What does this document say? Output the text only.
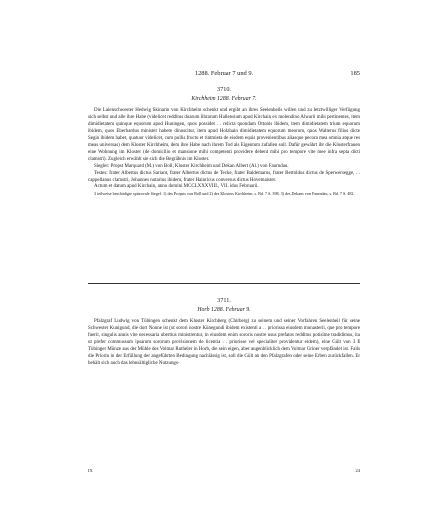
1288. Februar 7 und 9.	185
3710.
Kirchheim 1288. Februar 7.

Die Laienschwester Hedwig Skinarin von Kirchheim schenkt und ergibt an ihres Seelenheils willen und zu letztwilliger Verfügung sich selbst und alle ihre Habe (videlicet redditus duarum librarum Hallensium apud Kirchain ex molendino Alwarii mihi pertinentes, item dimidietatem quinque equorum apud Huningen, quos possidet . . relicta quondam Ottonis ibidem, item dimidietatem trium equorum ibidem, quos Eberhardus minister habere dinoscitur, item apud Holzhain dimidietatem equorum meorum, quos Walterus filius dicte Segin ibidem habet, quatuor videlicet, cum pullis fructu et rintmieta de eisdem equis provenientibus aliasque pecora mea omnia atque res meas universas) dem Kloster Kirchheim, dem ihre Habe nach ihrem Tod als Eigentum zufallen soll. Dafür gewährt ihr die Klosterfrauen eine Wohnung im Kloster (de domicilio et mansione mihi competenti providere debent mihi pro tempore vite mee infra septa dicti clamstri). Zugleich erwählt sie sich die Begräbnis im Kloster.

Siegler: Propst Marquard (M.) von Boll, Kloster Kirchheim und Dekan Albert (Al.) von Faurndau.

Testes: frater Albertus dictus Sariant, frater Albertus dictus de Tecke, frater Baldemarus, frater Bertoldus dictus de Sperwersegge, . . cappellanus clamstri, Johannes notarius ibidem, frater Hainricus conversus dictus Hovemaister.

Actum et datum apud Kirchain, anno domini MCCLXXXVIII., VII. idus Februarii.

3 teilweise beschädigte spitzovale Siegel: 1) des Propsts von Boll und 2) des Klosters Kirchheim, s. Bd. 7 S. 398, 3) des Dekans von Faurndau, s. Bd. 7 S. 482.

3711.
Horb 1288. Februar 9.

Pfalzgraf Ludwig von Tübingen schenkt dem Kloster Kirchberg (Chirberg) zu seinem und seiner Vorfahren Seelenheil für seine Schwester Kunigund, die dort Nonne ist (ut sorori nostre Künegundi ibidem existenti a . . priorissa eiusdem monasterii, que pro tempore fuerit, singulis annis vite necessaria ubertius ministrentur, in eiusdem enim sororis nostre usus prefatos redditus potisime tradidimus, ita ut prefer commussum ipsarum sororum provisionem de licentia . . priorisse vel specialiter providentur eidem), eine Gült von 3 ß Tübinger Münze aus der Mühle des Volmar Rutheler in Horb, die sein eigen, aber augenblicklich dem Volmar Griner verpfändet ist. Falls die Priorin in der Erfüllung der angeführten Bedingung nachlässig ist, soll die Gült an den Pfalzgrafen oder seine Erben zurückfallen. Er behält sich auch das lehnsältigliche Nutzungs-

IX	24
